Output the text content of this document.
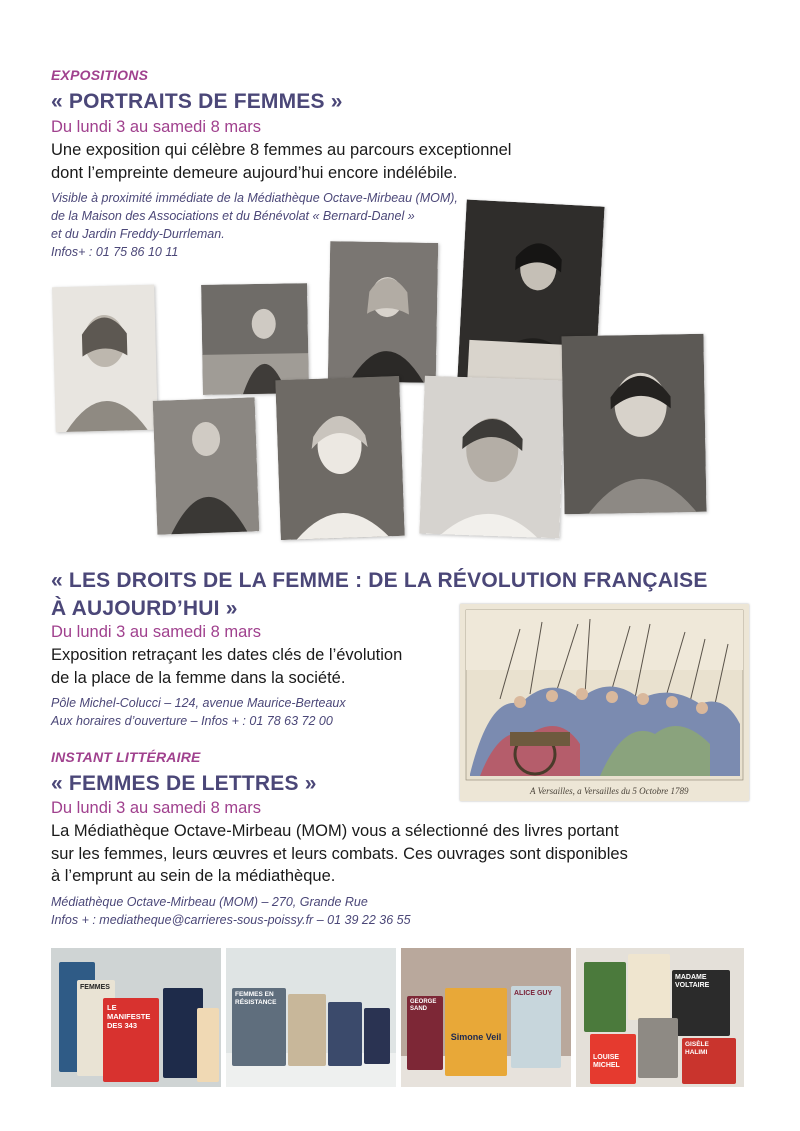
EXPOSITIONS
« PORTRAITS DE FEMMES »
Du lundi 3 au samedi 8 mars
Une exposition qui célèbre 8 femmes au parcours exceptionnel
dont l’empreinte demeure aujourd’hui encore indélébile.
Visible à proximité immédiate de la Médiathèque Octave-Mirbeau (MOM),
de la Maison des Associations et du Bénévolat « Bernard-Danel »
et du Jardin Freddy-Durrleman.
Infos+ : 01 75 86 10 11
« LES DROITS DE LA FEMME : DE LA RÉVOLUTION FRANÇAISE
À AUJOURD’HUI »
Du lundi 3 au samedi 8 mars
Exposition retraçant les dates clés de l’évolution
de la place de la femme dans la société.
Pôle Michel-Colucci – 124, avenue Maurice-Berteaux
Aux horaires d’ouverture – Infos + : 01 78 63 72 00
A Versailles, a Versailles du 5 Octobre 1789
INSTANT LITTÉRAIRE
« FEMMES DE LETTRES »
Du lundi 3 au samedi 8 mars
La Médiathèque Octave-Mirbeau (MOM) vous a sélectionné des livres portant
sur les femmes, leurs œuvres et leurs combats. Ces ouvrages sont disponibles
à l’emprunt au sein de la médiathèque.
Médiathèque Octave-Mirbeau (MOM) – 270, Grande Rue
Infos + : mediatheque@carrieres-sous-poissy.fr – 01 39 22 36 55
FEMMES
LE MANIFESTE DES 343
FEMMES EN RÉSISTANCE	GEORGE SAND
Simone Veil
ALICE GUY
MADAME VOLTAIRE
LOUISE MICHEL
GISÈLE HALIMI
